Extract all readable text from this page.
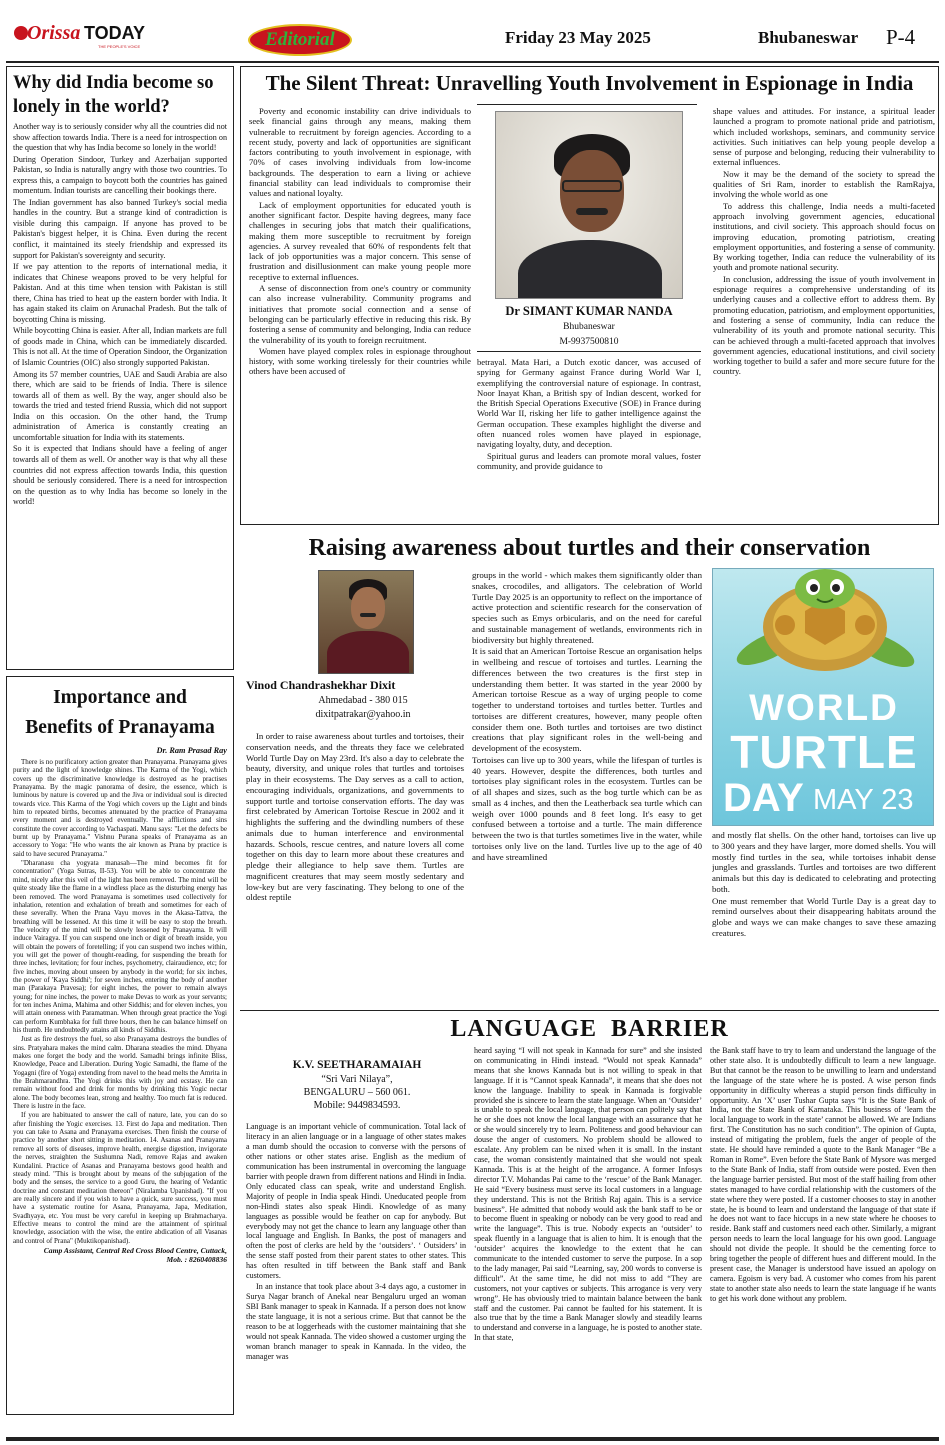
Orissa TODAY
THE PEOPLE'S VOICE	Editorial	Friday 23 May 2025	Bhubaneswar P-4
Why did India become so lonely in the world?

Another way is to seriously consider why all the countries did not show affection towards India. There is a need for introspection on the question that why has India become so lonely in the world!

During Operation Sindoor, Turkey and Azerbaijan supported Pakistan, so India is naturally angry with those two countries. To express this, a campaign to boycott both the countries has gained momentum. Indian tourists are cancelling their bookings there.

The Indian government has also banned Turkey's social media handles in the country. But a strange kind of contradiction is visible during this campaign. If anyone has proved to be Pakistan's biggest helper, it is China. Even during the recent conflict, it maintained its steely friendship and expressed its support for Pakistan's sovereignty and security.

If we pay attention to the reports of international media, it indicates that Chinese weapons proved to be very helpful for Pakistan. And at this time when tension with Pakistan is still there, China has tried to heat up the eastern border with India. It has again staked its claim on Arunachal Pradesh. But the talk of boycotting China is missing.

While boycotting China is easier. After all, Indian markets are full of goods made in China, which can be immediately discarded. This is not all. At the time of Operation Sindoor, the Organization of Islamic Countries (OIC) also strongly supported Pakistan.

Among its 57 member countries, UAE and Saudi Arabia are also there, which are said to be friends of India. There is silence towards all of them as well. By the way, anger should also be towards the tried and tested friend Russia, which did not support India on this occasion. On the other hand, the Trump administration of America is constantly creating an uncomfortable situation for India with its statements.

So it is expected that Indians should have a feeling of anger towards all of them as well. Or another way is that why all these countries did not express affection towards India, this question should be seriously considered. There is a need for introspection on the question as to why India has become so lonely in the world!

Importance and
Benefits of Pranayama
Dr. Ram Prasad Ray

There is no purificatory action greater than Pranayama. Pranayama gives purity and the light of knowledge shines. The Karma of the Yogi, which covers up the discriminative knowledge is destroyed as he practises Pranayama. By the magic panorama of desire, the essence, which is luminous by nature is covered up and the Jiva or individual soul is directed towards vice. This Karma of the Yogi which covers up the Light and binds him to repeated births, becomes attenuated by the practice of Pranayama every moment and is destroyed eventually. The afflictions and sins constitute the cover according to Vachaspati. Manu says: "Let the defects be burnt up by Pranayama." Vishnu Purana speaks of Pranayama as an accessory to Yoga: "He who wants the air known as Prana by practice is said to have secured Pranayama."

"Dharanasu cha yogyata manasah—The mind becomes fit for concentration" (Yoga Sutras, II-53). You will be able to concentrate the mind, nicely after this veil of the light has been removed. The mind will be quite steady like the flame in a windless place as the disturbing energy has been removed. The word Pranayama is sometimes used collectively for inhalation, retention and exhalation of breath and sometimes for each of these severally. When the Prana Vayu moves in the Akasa-Tattva, the breathing will be lessened. At this time it will be easy to stop the breath. The velocity of the mind will be slowly lessened by Pranayama. It will induce Vairagya. If you can suspend one inch or digit of breath inside, you will obtain the powers of foretelling; if you can suspend two inches within, you will get the power of thought-reading, for suspending the breath for three inches, levitation; for four inches, psychometry, clairaudience, etc; for five inches, moving about unseen by anybody in the world; for six inches, the power of 'Kaya Siddhi'; for seven inches, entering the body of another man (Parakaya Pravesa); for eight inches, the power to remain always young; for nine inches, the power to make Devas to work as your servants; for ten inches Anima, Mahima and other Siddhis; and for eleven inches, you will attain oneness with Paramatman. When through great practice the Yogi can perform Kumbhaka for full three hours, then he can balance himself on his thumb. He undoubtedly attains all kinds of Siddhis.

Just as fire destroys the fuel, so also Pranayama destroys the bundles of sins. Pratyahara makes the mind calm. Dharana steadies the mind. Dhyana makes one forget the body and the world. Samadhi brings infinite Bliss, Knowledge, Peace and Liberation. During Yogic Samadhi, the flame of the Yogagni (fire of Yoga) extending from navel to the head melts the Amrita in the Brahmarandhra. The Yogi drinks this with joy and ecstasy. He can remain without food and drink for months by drinking this Yogic nectar alone. The body becomes lean, strong and healthy. Too much fat is reduced. There is lustre in the face.

If you are habituated to answer the call of nature, late, you can do so after finishing the Yogic exercises. 13. First do Japa and meditation. Then you can take to Asana and Pranayama exercises. Then finish the course of practice by another short sitting in meditation. 14. Asanas and Pranayama remove all sorts of diseases, improve health, energise digestion, invigorate the nerves, straighten the Sushumna Nadi, remove Rajas and awaken Kundalini. Practice of Asanas and Pranayama bestows good health and steady mind. "This is brought about by means of the subjugation of the body and the senses, the service to a good Guru, the hearing of Vedantic doctrine and constant meditation thereon" (Niralamba Upanishad). "If you are really sincere and if you wish to have a quick, sure success, you must have a systematic routine for Asana, Pranayama, Japa, Meditation, Svadhyaya, etc. You must be very careful in keeping up Brahmacharya. Effective means to control the mind are the attainment of spiritual knowledge, association with the wise, the entire abdication of all Vasanas and control of Prana" (Muktikopanishad).

Camp Assistant, Central Red Cross Blood Centre, Cuttack,
Mob. : 8260408836
The Silent Threat: Unravelling Youth Involvement in Espionage in India

Poverty and economic instability can drive individuals to seek financial gains through any means, making them vulnerable to recruitment by foreign agencies. According to a recent study, poverty and lack of opportunities are significant factors contributing to youth involvement in espionage, with 70% of cases involving individuals from low-income backgrounds. The desperation to earn a living or achieve financial stability can lead individuals to compromise their values and national loyalty.

Lack of employment opportunities for educated youth is another significant factor. Despite having degrees, many face challenges in securing jobs that match their qualifications, making them more susceptible to recruitment by foreign agencies. A survey revealed that 60% of respondents felt that lack of job opportunities was a major concern. This sense of frustration and disillusionment can make young people more receptive to external influences.

A sense of disconnection from one's country or community can also increase vulnerability. Community programs and initiatives that promote social connection and a sense of belonging can be particularly effective in reducing this risk. By fostering a sense of community and belonging, India can reduce the vulnerability of its youth to foreign recruitment.

Women have played complex roles in espionage throughout history, with some working tirelessly for their countries while others have been accused of

Dr SIMANT KUMAR NANDA
Bhubaneswar
M-9937500810

betrayal. Mata Hari, a Dutch exotic dancer, was accused of spying for Germany against France during World War I, exemplifying the controversial nature of espionage. In contrast, Noor Inayat Khan, a British spy of Indian descent, worked for the British Special Operations Executive (SOE) in France during World War II, risking her life to gather intelligence against the German occupation. These examples highlight the diverse and often nuanced roles women have played in espionage, navigating loyalty, duty, and deception.

Spiritual gurus and leaders can promote moral values, foster community, and provide guidance to

shape values and attitudes. For instance, a spiritual leader launched a program to promote national pride and patriotism, which included workshops, seminars, and community service activities. Such initiatives can help young people develop a sense of purpose and belonging, reducing their vulnerability to external influences.

Now it may be the demand of the society to spread the qualities of Sri Ram, inorder to establish the RamRajya, involving the whole world as one

To address this challenge, India needs a multi-faceted approach involving government agencies, educational institutions, and civil society. This approach should focus on improving education, promoting patriotism, creating employment opportunities, and fostering a sense of community. By working together, India can reduce the vulnerability of its youth and promote national security.

In conclusion, addressing the issue of youth involvement in espionage requires a comprehensive understanding of its underlying causes and a collective effort to address them. By promoting education, patriotism, and employment opportunities, and fostering a sense of community, India can reduce the vulnerability of its youth and promote national security. This can be achieved through a multi-faceted approach that involves government agencies, educational institutions, and civil society working together to build a safer and more secure future for the country.

Raising awareness about turtles and their conservation
Vinod Chandrashekhar Dixit
Ahmedabad - 380 015
dixitpatrakar@yahoo.in

In order to raise awareness about turtles and tortoises, their conservation needs, and the threats they face we celebrated World Turtle Day on May 23rd. It's also a day to celebrate the beauty, diversity, and unique roles that turtles and tortoises play in their ecosystems. The Day serves as a call to action, encouraging individuals, organizations, and governments to support turtle and tortoise conservation efforts. The day was first celebrated by American Tortoise Rescue in 2002 and it highlights the suffering and the dwindling numbers of these animals due to human interference and environmental hazards. Schools, rescue centres, and nature lovers all come together on this day to learn more about these creatures and pledge their allegiance to help save them. Turtles are magnificent creatures that may seem mostly sedentary and low-key but are very fascinating. They belong to one of the oldest reptile

groups in the world - which makes them significantly older than snakes, crocodiles, and alligators. The celebration of World Turtle Day 2025 is an opportunity to reflect on the importance of active protection and scientific research for the conservation of species such as Emys orbicularis, and on the need for careful and sustainable management of wetlands, environments rich in biodiversity but highly threatened.

It is said that an American Tortoise Rescue an organisation helps in wellbeing and rescue of tortoises and turtles. Learning the differences between the two creatures is the first step in understanding them better. It was started in the year 2000 by American tortoise Rescue as a way of urging people to come together to understand tortoises and turtles better. Turtles and tortoises are different creatures, however, many people often consider them one. Both turtles and tortoises are two distinct creations that play significant roles in the well-being and development of the ecosystem.

Tortoises can live up to 300 years, while the lifespan of turtles is 40 years. However, despite the differences, both turtles and tortoises play significant roles in the ecosystem. Turtles can be of all shapes and sizes, such as the bog turtle which can be as small as 4 inches, and then the Leatherback sea turtle which can weigh over 1000 pounds and 8 feet long. It's easy to get confused between a tortoise and a turtle. The main difference between the two is that turtles sometimes live in the water, while tortoises only live on the land. Turtles live up to the age of 40 and have streamlined

WORLD
TURTLE
DAY MAY 23

and mostly flat shells. On the other hand, tortoises can live up to 300 years and they have larger, more domed shells. You will mostly find turtles in the sea, while tortoises inhabit dense jungles and grasslands. Turtles and tortoises are two different animals but this day is dedicated to celebrating and protecting both.

One must remember that World Turtle Day is a great day to remind ourselves about their disappearing habitats around the globe and ways we can make changes to save these amazing creatures.

LANGUAGE  BARRIER
K.V. SEETHARAMAIAH
“Sri Vari Nilaya”,
BENGALURU – 560 061.
Mobile: 9449834593.

Language is an important vehicle of communication. Total lack of literacy in an alien language or in a language of other states makes a man dumb should the occasion to converse with the persons of other nations or other states arise. English as the medium of communication has been instrumental in overcoming the language barrier with people drawn from different nations and Hindi in India. Only educated class can speak, write and understand English. Majority of people in India speak Hindi. Uneducated people from non-Hindi states also speak Hindi. Knowledge of as many languages as possible would be feather on cap for anybody. But everybody may not get the chance to learn any language other than local language and English. In Banks, the post of managers and often the post of clerks are held by the ‘outsiders’. ‘ Outsiders’ in the sense staff posted from their parent states to other states. This has often resulted in tiff between the Bank staff and Bank customers.

In an instance that took place about 3-4 days ago, a customer in Surya Nagar branch of Anekal near Bengaluru urged an woman SBI Bank manager to speak in Kannada. If a person does not know the state language, it is not a serious crime. But that cannot be the reason to be at loggerheads with the customer maintaining that she would not speak Kannada. The video showed a customer urging the woman branch manager to speak in Kannada. In the video, the manager was

heard saying “I will not speak in Kannada for sure” and she insisted on communicating in Hindi instead. “Would not speak Kannada” means that she knows Kannada but is not willing to speak in that language. If it is “Cannot speak Kannada”, it means that she does not know the language. Inability to speak in Kannada is forgivable provided she is sincere to learn the state language. When an ‘Outsider’ is unable to speak the local language, that person can politely say that he or she does not know the local language with an assurance that he or she would sincerely try to learn. Politeness and good behaviour can douse the anger of customers. No problem should be allowed to escalate. Any problem can be nixed when it is small. In the instant case, the woman consistently maintained that she would not speak Kannada. This is at the height of the arrogance. A former Infosys director T.V. Mohandas Pai came to the ‘rescue’ of the Bank Manager. He said “Every business must serve its local customers in a language they understand. This is not the British Raj again. This is a service business”. He admitted that nobody would ask the bank staff to be or to become fluent in speaking or nobody can be very good to read and write the language”. This is true. Nobody expects an ‘outsider’ to speak fluently in a language that is alien to him. It is enough that the ‘outsider’ acquires the knowledge to the extent that he can communicate to the intended customer to serve the purpose. In a sop to the lady manager, Pai said “Learning, say, 200 words to converse is difficult”. At the same time, he did not miss to add “They are customers, not your captives or subjects. This arrogance is very very wrong”. He has obviously tried to maintain balance between the bank staff and the customer. Pai cannot be faulted for his statement. It is also true that by the time a Bank Manager slowly and steadily learns to understand and converse in a language, he is posted to another state. In that state,

the Bank staff have to try to learn and understand the language of the other state also. It is undoubtedly difficult to learn a new language. But that cannot be the reason to be unwilling to learn and understand the language of the state where he is posted. A wise person finds opportunity in difficulty whereas a stupid person finds difficulty in opportunity. An ‘X’ user Tushar Gupta says “It is the State Bank of India, not the State Bank of Karnataka. This business of ‘learn the local language to work in the state’ cannot be allowed. We are Indians first. The Constitution has no such condition”. The opinion of Gupta, instead of mitigating the problem, fuels the anger of people of the state. He should have reminded a quote to the Bank Manager “Be a Roman in Rome”. Even before the State Bank of Mysore was merged to the State Bank of India, staff from outside were posted. Even then the language barrier persisted. But most of the staff hailing from other states managed to have cordial relationship with the customers of the state where they were posted. If a customer chooses to stay in another state, he is bound to learn and understand the language of that state if he does not want to face hiccups in a new state where he chooses to reside. Bank staff and customers need each other. Similarly, a migrant person needs to learn the local language for his own good. Language should not divide the people. It should be the cementing force to bring together the people of different hues and different mould. In the present case, the Manager is understood have issued an apology on camera. Egoism is very bad. A customer who comes from his parent state to another state also needs to learn the state language if he wants to get his work done without any problem.
